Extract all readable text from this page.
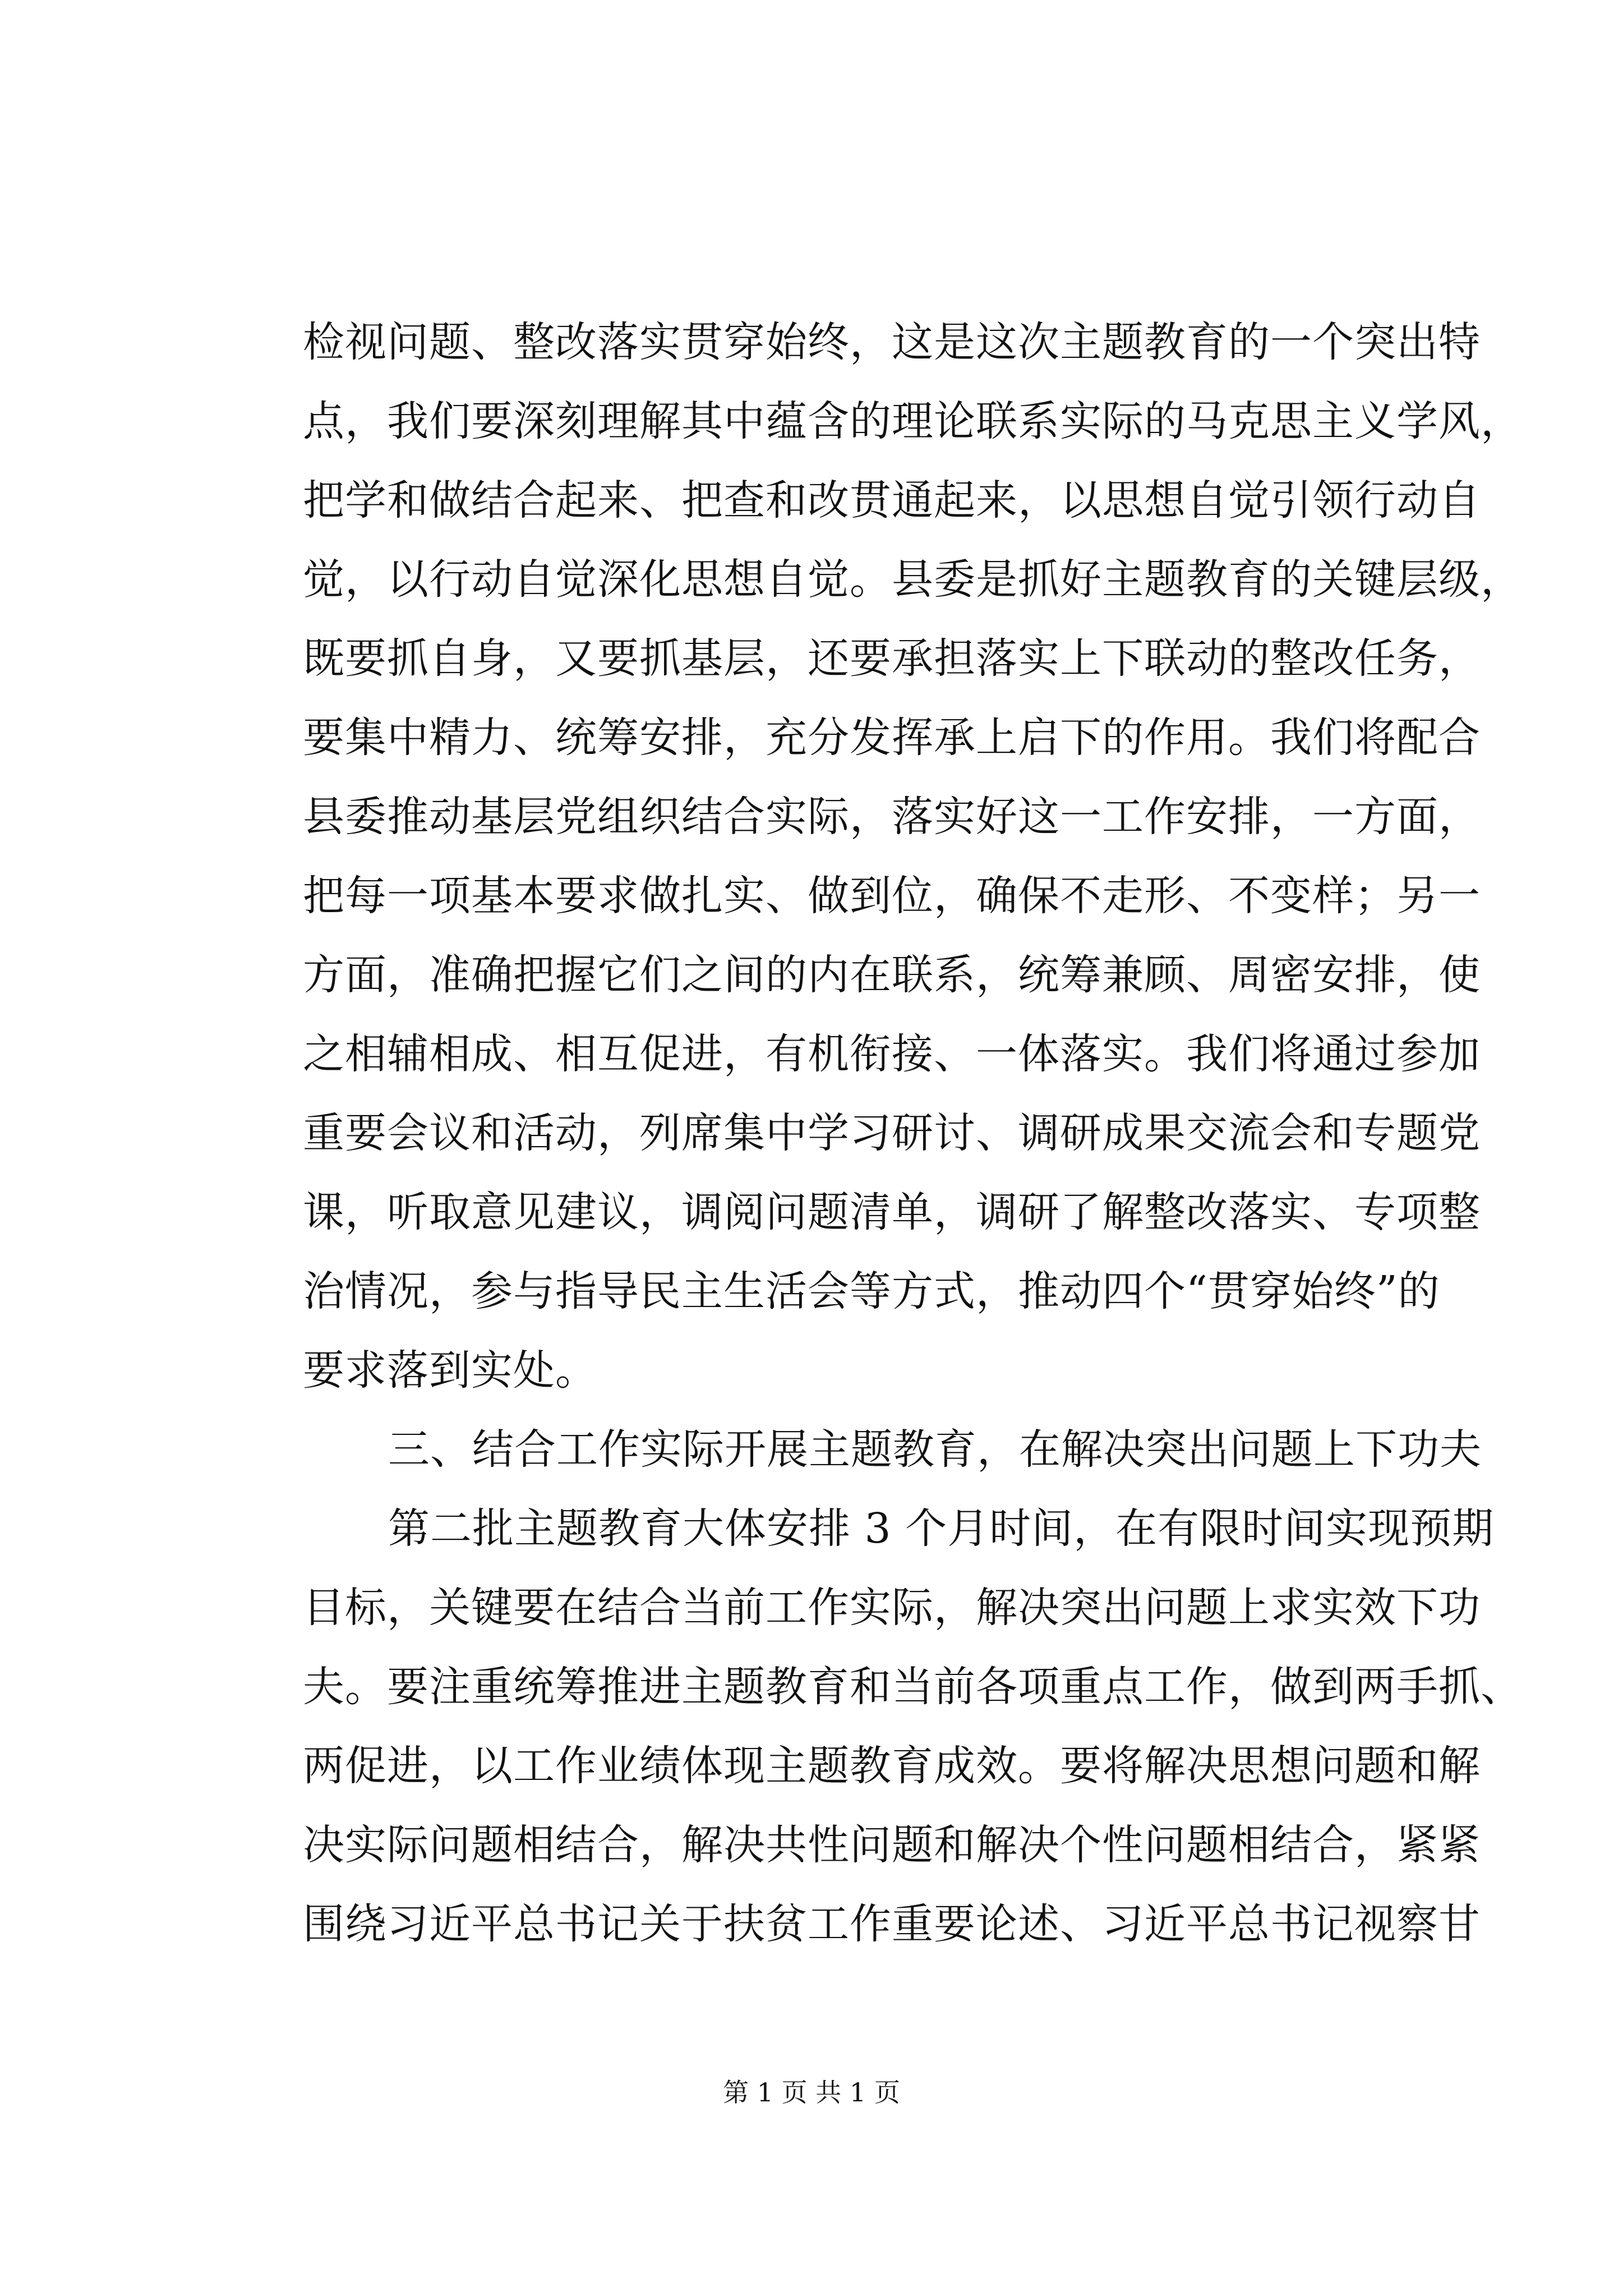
检视问题、整改落实贯穿始终，这是这次主题教育的一个突出特
点，我们要深刻理解其中蕴含的理论联系实际的马克思主义学风，
把学和做结合起来、把查和改贯通起来，以思想自觉引领行动自
觉，以行动自觉深化思想自觉。县委是抓好主题教育的关键层级，
既要抓自身，又要抓基层，还要承担落实上下联动的整改任务，
要集中精力、统筹安排，充分发挥承上启下的作用。我们将配合
县委推动基层党组织结合实际，落实好这一工作安排，一方面，
把每一项基本要求做扎实、做到位，确保不走形、不变样；另一
方面，准确把握它们之间的内在联系，统筹兼顾、周密安排，使
之相辅相成、相互促进，有机衔接、一体落实。我们将通过参加
重要会议和活动，列席集中学习研讨、调研成果交流会和专题党
课，听取意见建议，调阅问题清单，调研了解整改落实、专项整
治情况，参与指导民主生活会等方式，推动四个“贯穿始终”的
要求落到实处。
三、结合工作实际开展主题教育，在解决突出问题上下功夫
第二批主题教育大体安排 3 个月时间，在有限时间实现预期
目标，关键要在结合当前工作实际，解决突出问题上求实效下功
夫。要注重统筹推进主题教育和当前各项重点工作，做到两手抓、
两促进，以工作业绩体现主题教育成效。要将解决思想问题和解
决实际问题相结合，解决共性问题和解决个性问题相结合，紧紧
围绕习近平总书记关于扶贫工作重要论述、习近平总书记视察甘
第 1 页 共 1 页
